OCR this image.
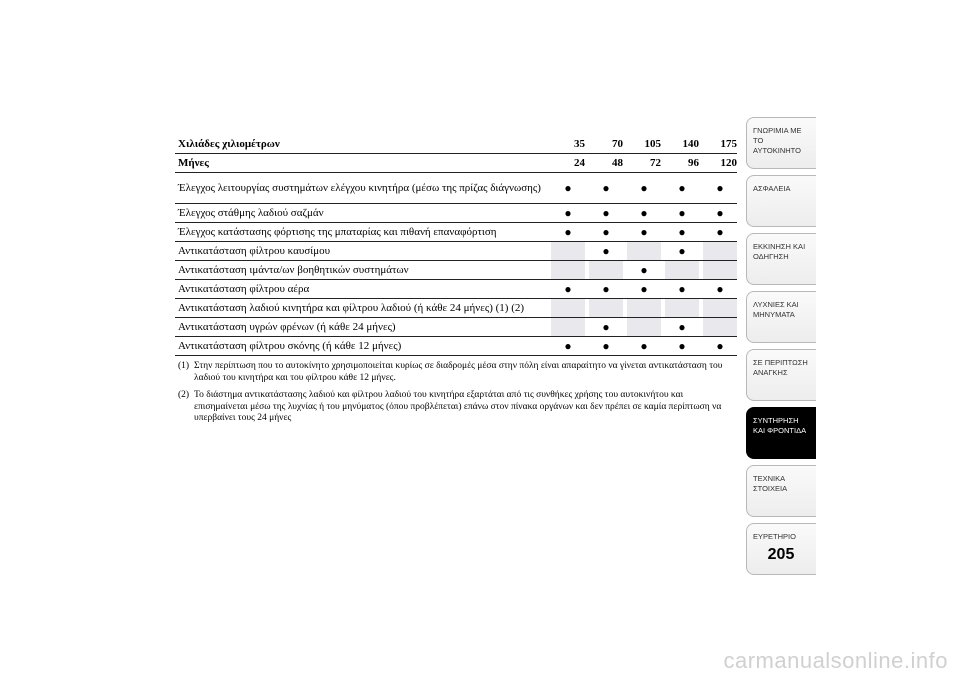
Χιλιάδες χιλιομέτρων	35		70		105		140		175
Μήνες	24		48		72		96		120
Έλεγχος λειτουργίας συστημάτων ελέγχου κινητήρα (μέσω της πρίζας διάγνωσης)	●		●		●		●		●
Έλεγχος στάθμης λαδιού σαζμάν	●		●		●		●		●
Έλεγχος κατάστασης φόρτισης της μπαταρίας και πιθανή επαναφόρτιση	●		●		●		●		●
Αντικατάσταση φίλτρου καυσίμου			●				●		
Αντικατάσταση ιμάντα/ων βοηθητικών συστημάτων					●				
Αντικατάσταση φίλτρου αέρα	●		●		●		●		●
Αντικατάσταση λαδιού κινητήρα και φίλτρου λαδιού (ή κάθε 24 μήνες) (1) (2)									
Αντικατάσταση υγρών φρένων (ή κάθε 24 μήνες)			●				●		
Αντικατάσταση φίλτρου σκόνης (ή κάθε 12 μήνες)	●		●		●		●		●
(1) Στην περίπτωση που το αυτοκίνητο χρησιμοποιείται κυρίως σε διαδρομές μέσα στην πόλη είναι απαραίτητο να γίνεται αντικατάσταση του λαδιού του κινητήρα και του φίλτρου κάθε 12 μήνες.
(2) Το διάστημα αντικατάστασης λαδιού και φίλτρου λαδιού του κινητήρα εξαρτάται από τις συνθήκες χρήσης του αυτοκινήτου και επισημαίνεται μέσω της λυχνίας ή του μηνύματος (όπου προβλέπεται) επάνω στον πίνακα οργάνων και δεν πρέπει σε καμία περίπτωση να υπερβαίνει τους 24 μήνες
ΓΝΩΡΙΜΙΑ ΜΕ ΤΟ ΑΥΤΟΚΙΝΗΤΟ
ΑΣΦΑΛΕΙΑ
ΕΚΚΙΝΗΣΗ ΚΑΙ ΟΔΗΓΗΣΗ
ΛΥΧΝΙΕΣ ΚΑΙ ΜΗΝΥΜΑΤΑ
ΣΕ ΠΕΡΙΠΤΩΣΗ ΑΝΑΓΚΗΣ
ΣΥΝΤΗΡΗΣΗ ΚΑΙ ΦΡΟΝΤΙΔΑ
ΤΕΧΝΙΚΑ ΣΤΟΙΧΕΙΑ
ΕΥΡΕΤΗΡΙΟ
205
carmanualsonline.info
